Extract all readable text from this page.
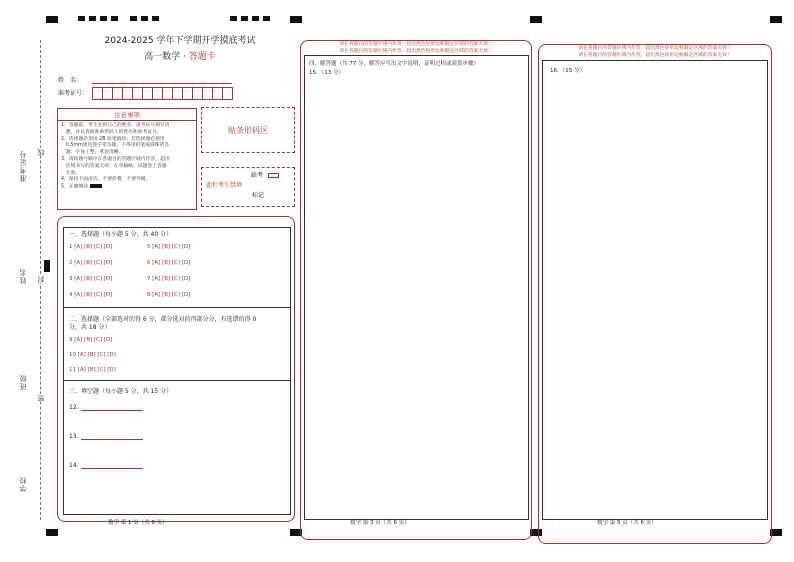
准考证号
姓名
班级
学校
线
封
密
2024-2025 学年下学期开学摸底考试
高一数学 · 答题卡
姓　名：
准考证号：
注意事项
1．答题前，考生先将自己的姓名、准考证号填写清
　楚，并认真核准条形码上的姓名和准考证号。
2．选择题必须用 2B 铅笔填涂；非选择题必须用
　0.5mm黑色签字笔答题，不得用铅笔或圆珠笔答
　题；字体工整、笔迹清晰。
3．请按题号顺序在各题目的答题区域内作答，超出
　区域书写的答案无效；在草稿纸、试题卷上答题
　无效。
4．保持卡面清洁，不要折叠、不要弄破。
5．正确填涂
贴条形码区
缺考
此栏考生禁填
标记
一、选择题（每小题 5 分，共 40 分）
1 [A] [B] [C] [D]	5 [A] [B] [C] [D]
2 [A] [B] [C] [D]	6 [A] [B] [C] [D]
3 [A] [B] [C] [D]	7 [A] [B] [C] [D]
4 [A] [B] [C] [D]	8 [A] [B] [C] [D]
二、选择题（全部选对的得 6 分，部分选对的得部分分，有选错的得 0
分，共 18 分）
9 [A] [B] [C] [D]
10 [A] [B] [C] [D]
11 [A] [B] [C] [D]
三、填空题（每小题 5 分，共 15 分）
12.
13.
14.
数学 第 1 页（共 6 页）
请在各题目的答题区域内作答，超出黑色矩形边框限定区域的答案无效！
请在各题目的答题区域内作答，超出黑色矩形边框限定区域的答案无效！
四、解答题（共 77 分，解答应写出文字说明、证明过程或演算步骤）
15．（13 分）
数学 第 3 页（共 6 页）
请在各题目的答题区域内作答，超出黑色矩形边框限定区域的答案无效！
请在各题目的答题区域内作答，超出黑色矩形边框限定区域的答案无效！
16．（15 分）
数学 第 5 页（共 6 页）
